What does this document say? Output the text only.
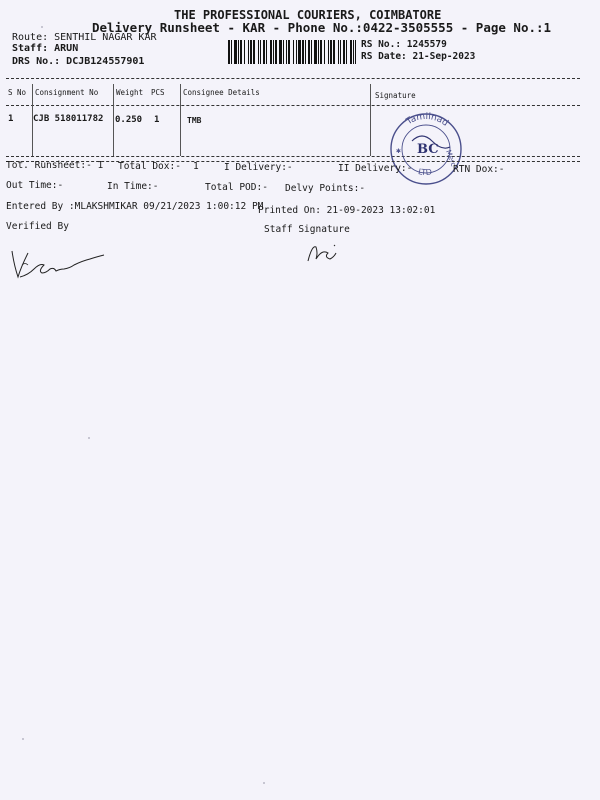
THE PROFESSIONAL COURIERS, COIMBATORE
Delivery Runsheet - KAR - Phone No.:0422-3505555 - Page No.:1
Route: SENTHIL NAGAR KAR
Staff: ARUN
DRS No.: DCJB124557901
RS No.: 1245579
RS Date: 21-Sep-2023
S No Consignment No Weight PCS Consignee Details	Signature
1 CJB 518011782 0.250 1	TMB	Tamilnad
LTD
Merc
BC
✱
Tot. Runsheet:- 1 Total Dox:- 1	I Delivery:-	II Delivery:-	RTN Dox:-
Out Time:-	In Time:-	Total POD:- Delvy Points:-
Entered By :MLAKSHMIKAR 09/21/2023 1:00:12 PM
Printed On: 21-09-2023 13:02:01
Verified By	Staff Signature
